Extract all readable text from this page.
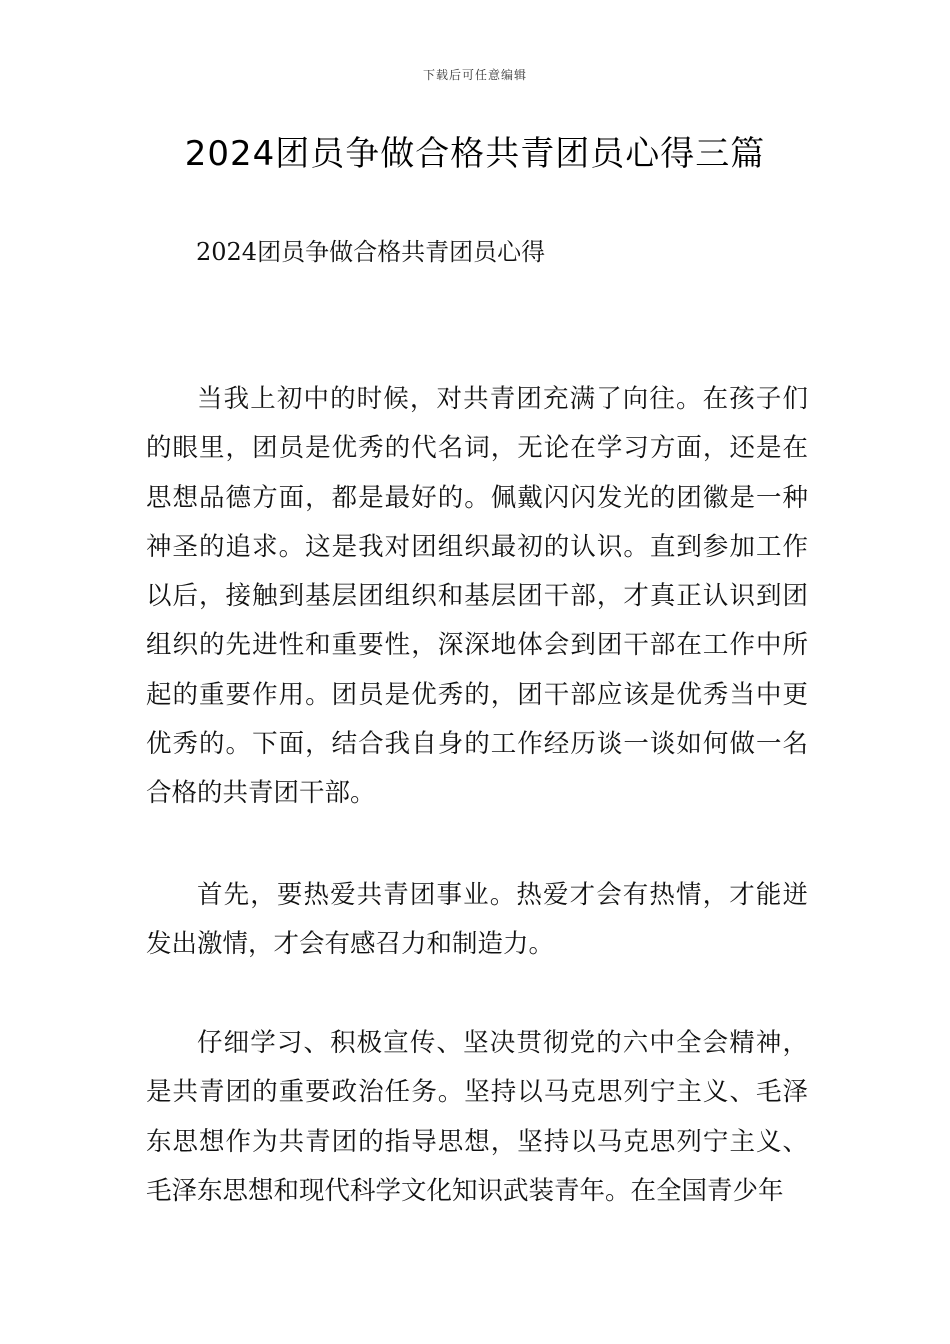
下载后可任意编辑
2024团员争做合格共青团员心得三篇

2024团员争做合格共青团员心得

当我上初中的时候，对共青团充满了向往。在孩子们的眼里，团员是优秀的代名词，无论在学习方面，还是在思想品德方面，都是最好的。佩戴闪闪发光的团徽是一种神圣的追求。这是我对团组织最初的认识。直到参加工作以后，接触到基层团组织和基层团干部，才真正认识到团组织的先进性和重要性，深深地体会到团干部在工作中所起的重要作用。团员是优秀的，团干部应该是优秀当中更优秀的。下面，结合我自身的工作经历谈一谈如何做一名合格的共青团干部。

首先，要热爱共青团事业。热爱才会有热情，才能迸发出激情，才会有感召力和制造力。

仔细学习、积极宣传、坚决贯彻党的六中全会精神，是共青团的重要政治任务。坚持以马克思列宁主义、毛泽东思想作为共青团的指导思想，坚持以马克思列宁主义、毛泽东思想和现代科学文化知识武装青年。在全国青少年
